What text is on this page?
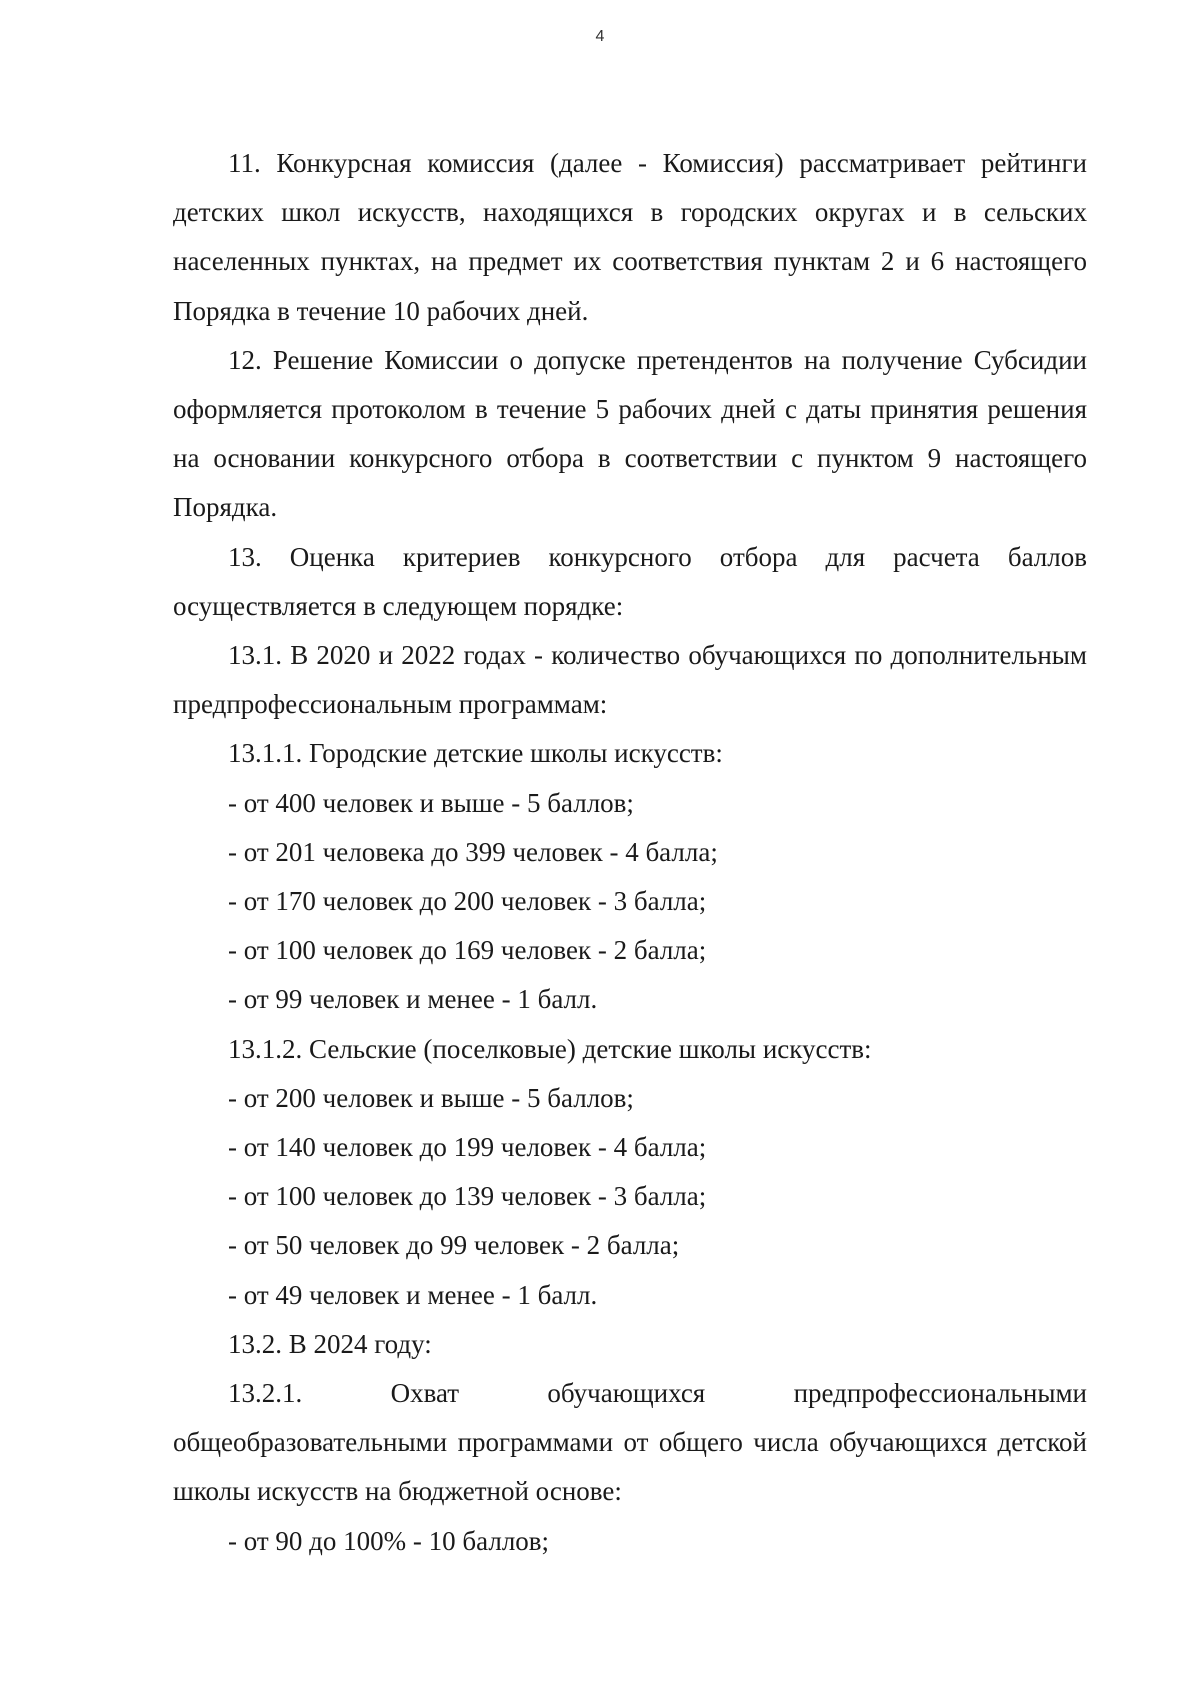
4

11. Конкурсная комиссия (далее - Комиссия) рассматривает рейтинги детских школ искусств, находящихся в городских округах и в сельских населенных пунктах, на предмет их соответствия пунктам 2 и 6 настоящего Порядка в течение 10 рабочих дней.

12. Решение Комиссии о допуске претендентов на получение Субсидии оформляется протоколом в течение 5 рабочих дней с даты принятия решения на основании конкурсного отбора в соответствии с пунктом 9 настоящего Порядка.

13. Оценка критериев конкурсного отбора для расчета баллов осуществляется в следующем порядке:

13.1. В 2020 и 2022 годах - количество обучающихся по дополнительным предпрофессиональным программам:

13.1.1. Городские детские школы искусств:

- от 400 человек и выше - 5 баллов;

- от 201 человека до 399 человек - 4 балла;

- от 170 человек до 200 человек - 3 балла;

- от 100 человек до 169 человек - 2 балла;

- от 99 человек и менее - 1 балл.

13.1.2. Сельские (поселковые) детские школы искусств:

- от 200 человек и выше - 5 баллов;

- от 140 человек до 199 человек - 4 балла;

- от 100 человек до 139 человек - 3 балла;

- от 50 человек до 99 человек - 2 балла;

- от 49 человек и менее - 1 балл.

13.2. В 2024 году:

13.2.1. Охват обучающихся предпрофессиональными общеобразовательными программами от общего числа обучающихся детской школы искусств на бюджетной основе:

- от 90 до 100% - 10 баллов;
